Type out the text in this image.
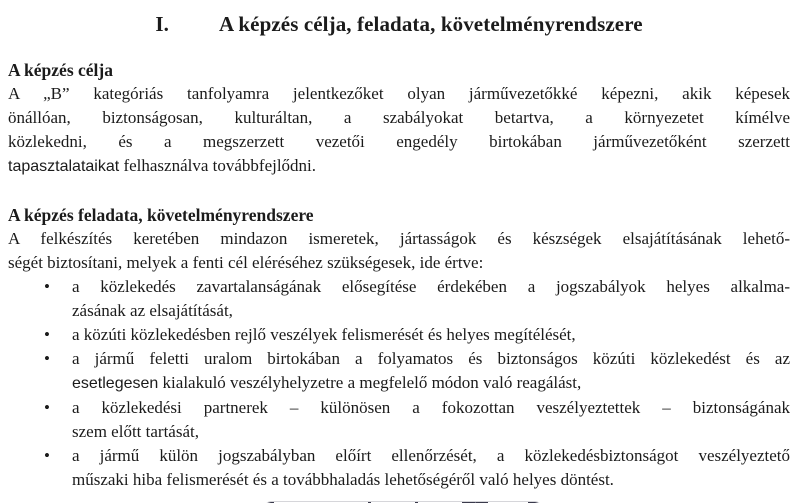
I. A képzés célja, feladata, követelményrendszere
A képzés célja
A „B” kategóriás tanfolyamra jelentkezőket olyan járművezetőkké képezni, akik képesek
önállóan, biztonságosan, kulturáltan, a szabályokat betartva, a környezetet kímélve
közlekedni, és a megszerzett vezetői engedély birtokában járművezetőként szerzett
tapasztalataikat felhasználva továbbfejlődni.
A képzés feladata, követelményrendszere
A felkészítés keretében mindazon ismeretek, jártasságok és készségek elsajátításának lehető-
ségét biztosítani, melyek a fenti cél eléréséhez szükségesek, ide értve:
• a közlekedés zavartalanságának elősegítése érdekében a jogszabályok helyes alkalma-
zásának az elsajátítását,
• a közúti közlekedésben rejlő veszélyek felismerését és helyes megítélését,
• a jármű feletti uralom birtokában a folyamatos és biztonságos közúti közlekedést és az
esetlegesen kialakuló veszélyhelyzetre a megfelelő módon való reagálást,
• a közlekedési partnerek – különösen a fokozottan veszélyeztettek – biztonságának
szem előtt tartását,
• a jármű külön jogszabályban előírt ellenőrzését, a közlekedésbiztonságot veszélyeztető
műszaki hiba felismerését és a továbbhaladás lehetőségéről való helyes döntést.
